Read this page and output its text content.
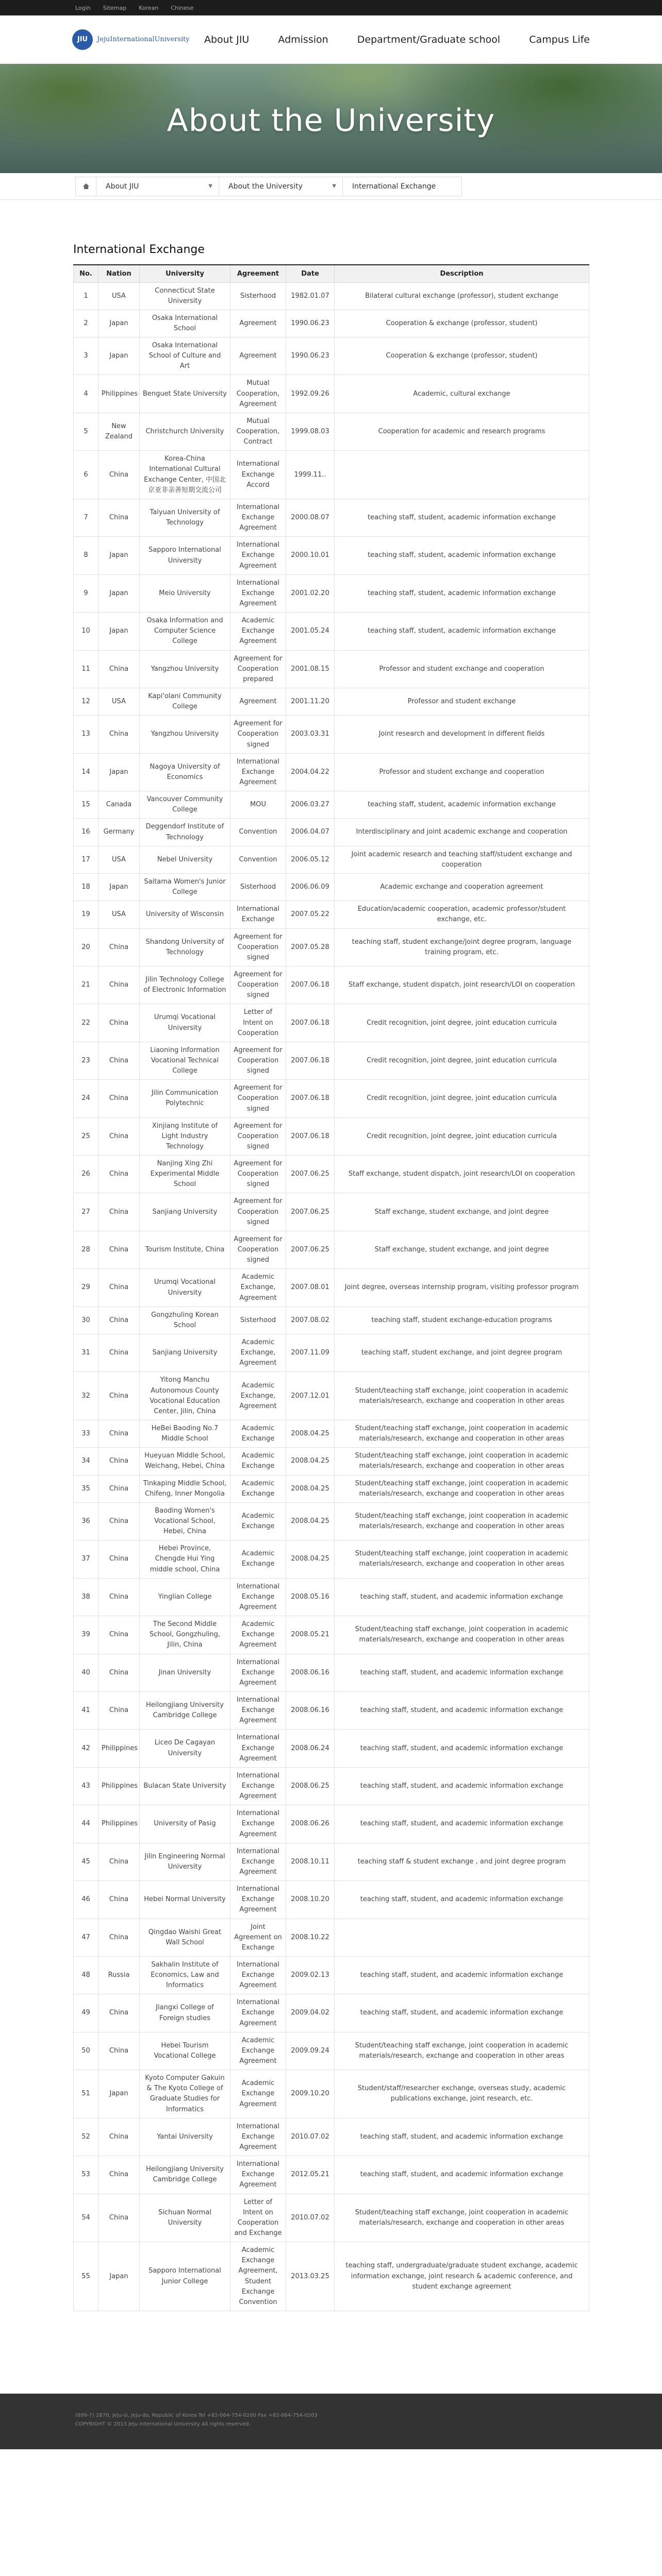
Login Sitemap Korean Chinese
JIU	JejuInternationalUniversity About JIU	Admission	Department/Graduate school	Campus Life
About the University
About JIU	▼ About the University	▼ International Exchange
International Exchange
No.	Nation	University	Agreement	Date	Description
1	USA	Connecticut State University	Sisterhood	1982.01.07	Bilateral cultural exchange (professor), student exchange
2	Japan	Osaka International School	Agreement	1990.06.23	Cooperation & exchange (professor, student)
3	Japan	Osaka International School of Culture and Art	Agreement	1990.06.23	Cooperation & exchange (professor, student)
4	Philippines	Benguet State University	Mutual Cooperation, Agreement	1992.09.26	Academic, cultural exchange
5	New Zealand	Christchurch University	Mutual Cooperation, Contract	1999.08.03	Cooperation for academic and research programs
6	China	Korea-China International Cultural Exchange Center, 中国北京亚非亲善短期交流公司	International Exchange Accord	1999.11..	
7	China	Taiyuan University of Technology	International Exchange Agreement	2000.08.07	teaching staff, student, academic information exchange
8	Japan	Sapporo International University	International Exchange Agreement	2000.10.01	teaching staff, student, academic information exchange
9	Japan	Meio University	International Exchange Agreement	2001.02.20	teaching staff, student, academic information exchange
10	Japan	Osaka Information and Computer Science College	Academic Exchange Agreement	2001.05.24	teaching staff, student, academic information exchange
11	China	Yangzhou University	Agreement for Cooperation prepared	2001.08.15	Professor and student exchange and cooperation
12	USA	Kapi'olani Community College	Agreement	2001.11.20	Professor and student exchange
13	China	Yangzhou University	Agreement for Cooperation signed	2003.03.31	Joint research and development in different fields
14	Japan	Nagoya University of Economics	International Exchange Agreement	2004.04.22	Professor and student exchange and cooperation
15	Canada	Vancouver Community College	MOU	2006.03.27	teaching staff, student, academic information exchange
16	Germany	Deggendorf Institute of Technology	Convention	2006.04.07	Interdisciplinary and joint academic exchange and cooperation
17	USA	Nebel University	Convention	2006.05.12	Joint academic research and teaching staff/student exchange and cooperation
18	Japan	Saitama Women's Junior College	Sisterhood	2006.06.09	Academic exchange and cooperation agreement
19	USA	University of Wisconsin	International Exchange	2007.05.22	Education/academic cooperation, academic professor/student exchange, etc.
20	China	Shandong University of Technology	Agreement for Cooperation signed	2007.05.28	teaching staff, student exchange/joint degree program, language training program, etc.
21	China	Jilin Technology College of Electronic Information	Agreement for Cooperation signed	2007.06.18	Staff exchange, student dispatch, joint research/LOI on cooperation
22	China	Urumqi Vocational University	Letter of Intent on Cooperation	2007.06.18	Credit recognition, joint degree, joint education curricula
23	China	Liaoning Information Vocational Technical College	Agreement for Cooperation signed	2007.06.18	Credit recognition, joint degree, joint education curricula
24	China	Jilin Communication Polytechnic	Agreement for Cooperation signed	2007.06.18	Credit recognition, joint degree, joint education curricula
25	China	Xinjiang Institute of Light Industry Technology	Agreement for Cooperation signed	2007.06.18	Credit recognition, joint degree, joint education curricula
26	China	Nanjing Xing Zhi Experimental Middle School	Agreement for Cooperation signed	2007.06.25	Staff exchange, student dispatch, joint research/LOI on cooperation
27	China	Sanjiang University	Agreement for Cooperation signed	2007.06.25	Staff exchange, student exchange, and joint degree
28	China	Tourism Institute, China	Agreement for Cooperation signed	2007.06.25	Staff exchange, student exchange, and joint degree
29	China	Urumqi Vocational University	Academic Exchange, Agreement	2007.08.01	Joint degree, overseas internship program, visiting professor program
30	China	Gongzhuling Korean School	Sisterhood	2007.08.02	teaching staff, student exchange-education programs
31	China	Sanjiang University	Academic Exchange, Agreement	2007.11.09	teaching staff, student exchange, and joint degree program
32	China	Yitong Manchu Autonomous County Vocational Education Center, Jilin, China	Academic Exchange, Agreement	2007.12.01	Student/teaching staff exchange, joint cooperation in academic materials/research, exchange and cooperation in other areas
33	China	HeBei Baoding No.7 Middle School	Academic Exchange	2008.04.25	Student/teaching staff exchange, joint cooperation in academic materials/research, exchange and cooperation in other areas
34	China	Hueyuan Middle School, Weichang, Hebei, China	Academic Exchange	2008.04.25	Student/teaching staff exchange, joint cooperation in academic materials/research, exchange and cooperation in other areas
35	China	Tinkaping Middle School, Chifeng, Inner Mongolia	Academic Exchange	2008.04.25	Student/teaching staff exchange, joint cooperation in academic materials/research, exchange and cooperation in other areas
36	China	Baoding Women's Vocational School, Hebei, China	Academic Exchange	2008.04.25	Student/teaching staff exchange, joint cooperation in academic materials/research, exchange and cooperation in other areas
37	China	Hebei Province, Chengde Hui Ying middle school, China	Academic Exchange	2008.04.25	Student/teaching staff exchange, joint cooperation in academic materials/research, exchange and cooperation in other areas
38	China	Yinglian College	International Exchange Agreement	2008.05.16	teaching staff, student, and academic information exchange
39	China	The Second Middle School, Gongzhuling, Jilin, China	Academic Exchange Agreement	2008.05.21	Student/teaching staff exchange, joint cooperation in academic materials/research, exchange and cooperation in other areas
40	China	Jinan University	International Exchange Agreement	2008.06.16	teaching staff, student, and academic information exchange
41	China	Heilongjiang University Cambridge College	International Exchange Agreement	2008.06.16	teaching staff, student, and academic information exchange
42	Philippines	Liceo De Cagayan University	International Exchange Agreement	2008.06.24	teaching staff, student, and academic information exchange
43	Philippines	Bulacan State University	International Exchange Agreement	2008.06.25	teaching staff, student, and academic information exchange
44	Philippines	University of Pasig	International Exchange Agreement	2008.06.26	teaching staff, student, and academic information exchange
45	China	Jilin Engineering Normal University	International Exchange Agreement	2008.10.11	teaching staff & student exchange , and joint degree program
46	China	Hebei Normal University	International Exchange Agreement	2008.10.20	teaching staff, student, and academic information exchange
47	China	Qingdao Waishi Great Wall School	Joint Agreement on Exchange	2008.10.22	
48	Russia	Sakhalin Institute of Economics, Law and Informatics	International Exchange Agreement	2009.02.13	teaching staff, student, and academic information exchange
49	China	Jiangxi College of Foreign studies	International Exchange Agreement	2009.04.02	teaching staff, student, and academic information exchange
50	China	Hebei Tourism Vocational College	Academic Exchange Agreement	2009.09.24	Student/teaching staff exchange, joint cooperation in academic materials/research, exchange and cooperation in other areas
51	Japan	Kyoto Computer Gakuin & The Kyoto College of Graduate Studies for Informatics	Academic Exchange Agreement	2009.10.20	Student/staff/researcher exchange, overseas study, academic publications exchange, joint research, etc.
52	China	Yantai University	International Exchange Agreement	2010.07.02	teaching staff, student, and academic information exchange
53	China	Heilongjiang University Cambridge College	International Exchange Agreement	2012.05.21	teaching staff, student, and academic information exchange
54	China	Sichuan Normal University	Letter of Intent on Cooperation and Exchange	2010.07.02	Student/teaching staff exchange, joint cooperation in academic materials/research, exchange and cooperation in other areas
55	Japan	Sapporo International Junior College	Academic Exchange Agreement, Student Exchange Convention	2013.03.25	teaching staff, undergraduate/graduate student exchange, academic information exchange, joint research & academic conference, and student exchange agreement

(699-7) 2870, Jeju-si, Jeju-do, Republic of Korea Tel +82-064-754-0200 Fax +82-064-754-0203

COPYRIGHT © 2013 Jeju International University All rights reserved.
